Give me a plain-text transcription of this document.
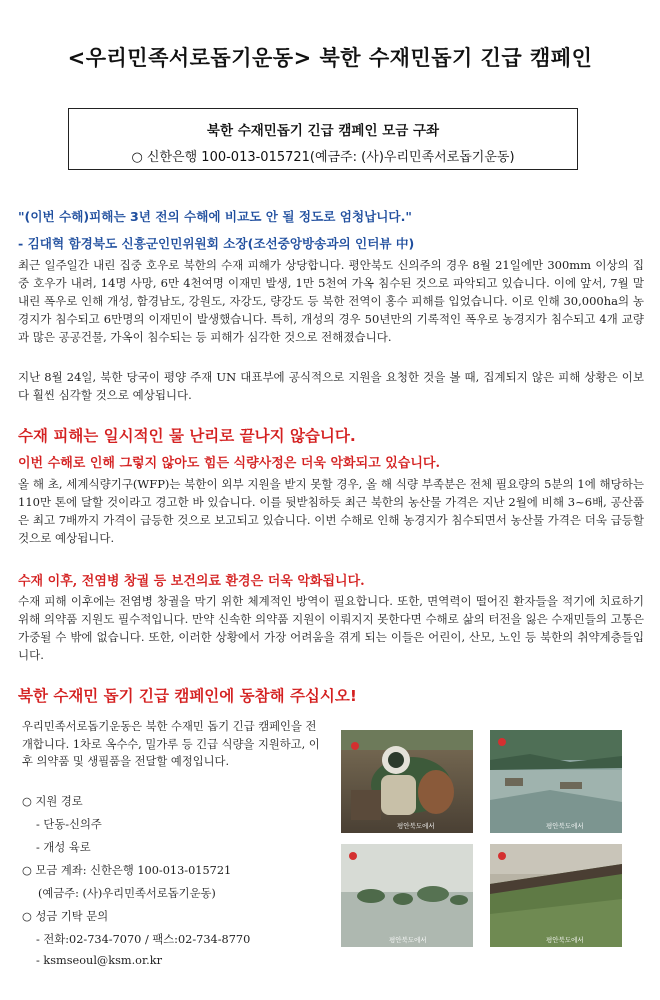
<우리민족서로돕기운동> 북한 수재민돕기 긴급 캠페인
북한 수재민돕기 긴급 캠페인 모금 구좌
○ 신한은행 100-013-015721(예금주: (사)우리민족서로돕기운동)
"(이번 수해)피해는 3년 전의 수해에 비교도 안 될 정도로 엄청납니다."
- 김대혁 함경북도 신흥군인민위원회 소장(조선중앙방송과의 인터뷰 中)

최근 일주일간 내린 집중 호우로 북한의 수재 피해가 상당합니다. 평안북도 신의주의 경우 8월 21일에만 300mm 이상의 집중 호우가 내려, 14명 사망, 6만 4천여명 이재민 발생, 1만 5천여 가옥 침수된 것으로 파악되고 있습니다. 이에 앞서, 7월 말 내린 폭우로 인해 개성, 함경남도, 강원도, 자강도, 량강도 등 북한 전역이 홍수 피해를 입었습니다. 이로 인해 30,000ha의 농경지가 침수되고 6만명의 이재민이 발생했습니다. 특히, 개성의 경우 50년만의 기록적인 폭우로 농경지가 침수되고 4개 교량과 많은 공공건물, 가옥이 침수되는 등 피해가 심각한 것으로 전해졌습니다.

지난 8월 24일, 북한 당국이 평양 주재 UN 대표부에 공식적으로 지원을 요청한 것을 볼 때, 집계되지 않은 피해 상황은 이보다 훨씬 심각할 것으로 예상됩니다.

수재 피해는 일시적인 물 난리로 끝나지 않습니다.
이번 수해로 인해 그렇지 않아도 힘든 식량사정은 더욱 악화되고 있습니다.

올 해 초, 세계식량기구(WFP)는 북한이 외부 지원을 받지 못할 경우, 올 해 식량 부족분은 전체 필요량의 5분의 1에 해당하는 110만 톤에 달할 것이라고 경고한 바 있습니다. 이를 뒷받침하듯 최근 북한의 농산물 가격은 지난 2월에 비해 3~6배, 공산품은 최고 7배까지 가격이 급등한 것으로 보고되고 있습니다. 이번 수해로 인해 농경지가 침수되면서 농산물 가격은 더욱 급등할 것으로 예상됩니다.

수재 이후, 전염병 창궐 등 보건의료 환경은 더욱 악화됩니다.

수재 피해 이후에는 전염병 창궐을 막기 위한 체계적인 방역이 필요합니다. 또한, 면역력이 떨어진 환자들을 적기에 치료하기 위해 의약품 지원도 필수적입니다. 만약 신속한 의약품 지원이 이뤄지지 못한다면 수해로 삶의 터전을 잃은 수재민들의 고통은 가중될 수 밖에 없습니다. 또한, 이러한 상황에서 가장 어려움을 겪게 되는 이들은 어린이, 산모, 노인 등 북한의 취약계층들입니다.

북한 수재민 돕기 긴급 캠페인에 동참해 주십시오!

우리민족서로돕기운동은 북한 수재민 돕기 긴급 캠페인을 전개합니다. 1차로 옥수수, 밀가루 등 긴급 식량을 지원하고, 이후 의약품 및 생필품을 전달할 예정입니다.

○ 지원 경로
- 단동-신의주
- 개성 육로
○ 모금 계좌: 신한은행 100-013-015721
(예금주: (사)우리민족서로돕기운동)
○ 성금 기탁 문의
- 전화:02-734-7070 / 팩스:02-734-8770
- ksmseoul@ksm.or.kr
평안북도에서	평안북도에서
평안북도에서	평안북도에서
